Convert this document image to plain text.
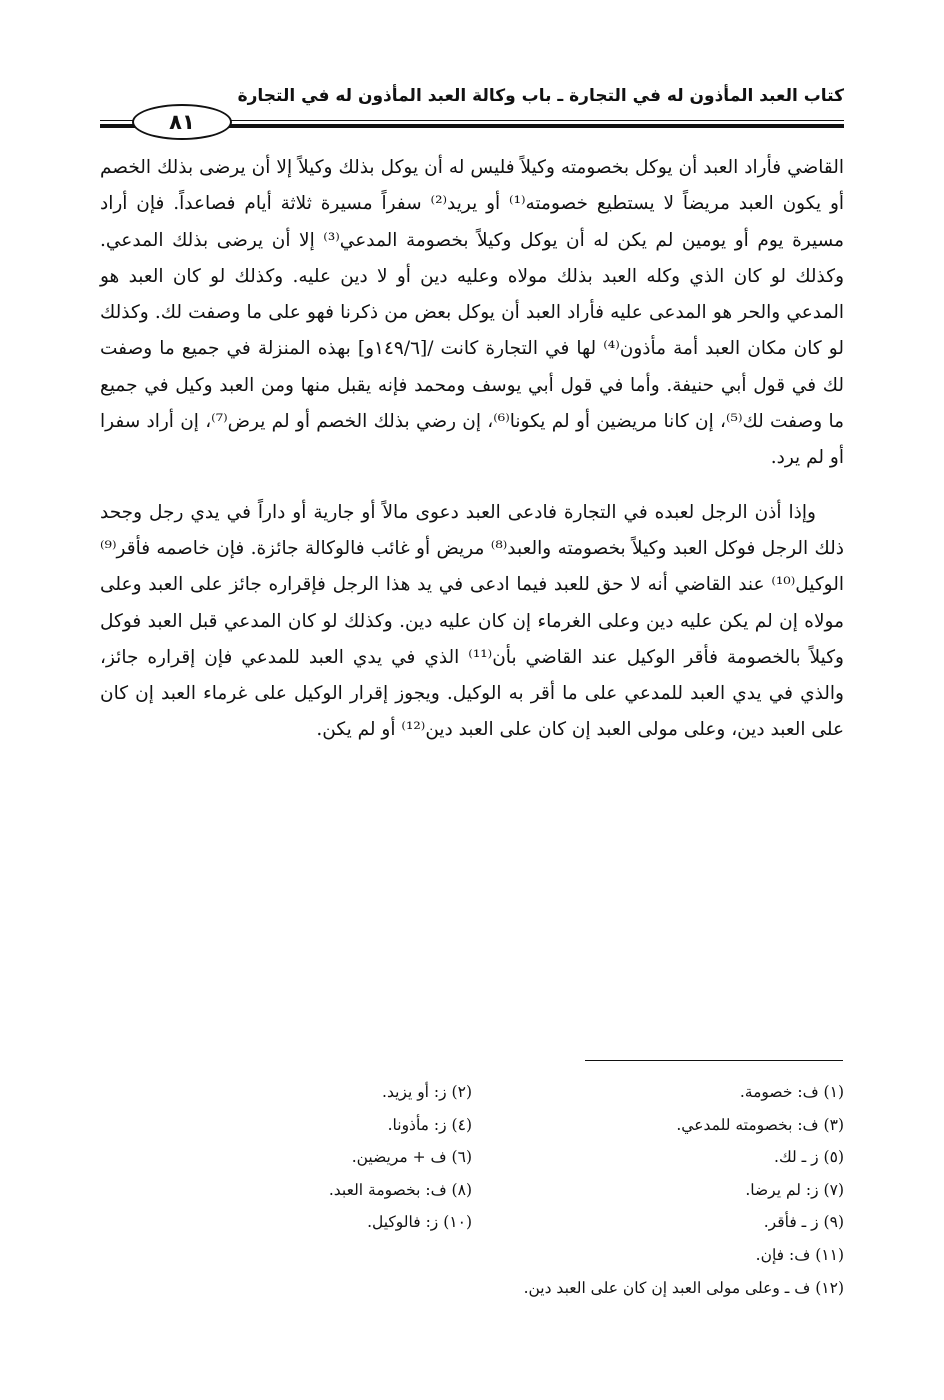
كتاب العبد المأذون له في التجارة ـ باب وكالة العبد المأذون له في التجارة
٨١

القاضي فأراد العبد أن يوكل بخصومته وكيلاً فليس له أن يوكل بذلك وكيلاً إلا أن يرضى بذلك الخصم أو يكون العبد مريضاً لا يستطيع خصومته⁽¹⁾ أو يريد⁽²⁾ سفراً مسيرة ثلاثة أيام فصاعداً. فإن أراد مسيرة يوم أو يومين لم يكن له أن يوكل وكيلاً بخصومة المدعي⁽³⁾ إلا أن يرضى بذلك المدعي. وكذلك لو كان الذي وكله العبد بذلك مولاه وعليه دين أو لا دين عليه. وكذلك لو كان العبد هو المدعي والحر هو المدعى عليه فأراد العبد أن يوكل بعض من ذكرنا فهو على ما وصفت لك. وكذلك لو كان مكان العبد أمة مأذون⁽⁴⁾ لها في التجارة كانت /[١٤٩/٦و] بهذه المنزلة في جميع ما وصفت لك في قول أبي حنيفة. وأما في قول أبي يوسف ومحمد فإنه يقبل منها ومن العبد وكيل في جميع ما وصفت لك⁽⁵⁾، إن كانا مريضين أو لم يكونا⁽⁶⁾، إن رضي بذلك الخصم أو لم يرض⁽⁷⁾، إن أراد سفرا أو لم يرد.

وإذا أذن الرجل لعبده في التجارة فادعى العبد دعوى مالاً أو جارية أو داراً في يدي رجل وجحد ذلك الرجل فوكل العبد وكيلاً بخصومته والعبد⁽⁸⁾ مريض أو غائب فالوكالة جائزة. فإن خاصمه فأقر⁽⁹⁾ الوكيل⁽¹⁰⁾ عند القاضي أنه لا حق للعبد فيما ادعى في يد هذا الرجل فإقراره جائز على العبد وعلى مولاه إن لم يكن عليه دين وعلى الغرماء إن كان عليه دين. وكذلك لو كان المدعي قبل العبد فوكل وكيلاً بالخصومة فأقر الوكيل عند القاضي بأن⁽¹¹⁾ الذي في يدي العبد للمدعي فإن إقراره جائز، والذي في يدي العبد للمدعي على ما أقر به الوكيل. ويجوز إقرار الوكيل على غرماء العبد إن كان على العبد دين، وعلى مولى العبد إن كان على العبد دين⁽¹²⁾ أو لم يكن.

(١) ف: خصومة.
(٢) ز: أو يزيد.
(٣) ف: بخصومته للمدعي.
(٤) ز: مأذونا.
(٥) ز ـ لك.
(٦) ف + مريضين.
(٧) ز: لم يرضا.
(٨) ف: بخصومة العبد.
(٩) ز ـ فأقر.
(١٠) ز: فالوكيل.
(١١) ف: فإن.
(١٢) ف ـ وعلى مولى العبد إن كان على العبد دين.
